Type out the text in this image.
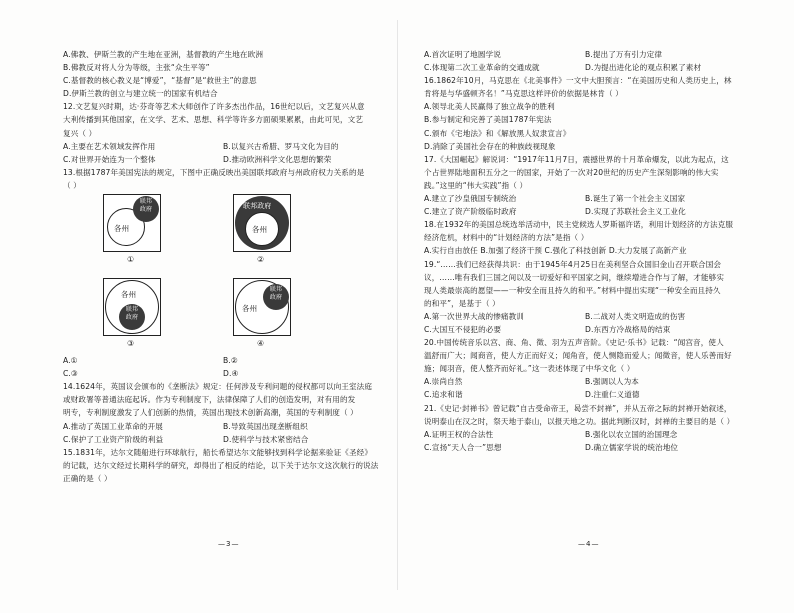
A.佛教、伊斯兰教的产生地在亚洲，基督教的产生地在欧洲
B.佛教反对将人分为等级，主张“众生平等”
C.基督教的核心教义是“博爱”，“基督”是“救世主”的意思
D.伊斯兰教的创立与建立统一的国家有机结合
12.文艺复兴时期，达·芬奇等艺术大师创作了许多杰出作品，16世纪以后，文艺复兴从意
大利传播到其他国家，在文学、艺术、思想、科学等许多方面硕果累累，由此可见，文艺
复兴（ ）
A.主要在艺术领域发挥作用	B.以复兴古希腊、罗马文化为目的
C.对世界开始连为一个整体	D.推动欧洲科学文化思想的繁荣
13.根据1787年美国宪法的规定，下图中正确反映出美国联邦政府与州政府权力关系的是
（ ）
各州
联邦政府
①
联邦政府
各州
②
各州
联邦政府
③
各州
联邦政府
④
A.①	B.②
C.③	D.④
14.1624年，英国议会颁布的《垄断法》规定：任何涉及专利问题的侵权都可以向王室法庭
或财政署等普通法庭起诉。作为专利制度下，法律保障了人们的创造发明，对有用的发
明专，专利制度激发了人们创新的热情，英国出现技术创新高潮，英国的专利制度（ ）
A.推动了英国工业革命的开展	B.导致英国出现垄断组织
C.保护了工业资产阶级的利益	D.使科学与技术紧密结合
15.1831年，达尔文随船进行环球航行，船长希望达尔文能够找到科学论据来验证《圣经》
的记载，达尔文经过长期科学的研究，却得出了相反的结论，以下关于达尔文这次航行的说法
正确的是（ ）
—3—
A.首次证明了地圆学说	B.提出了万有引力定律
C.体现第二次工业革命的交通成就	D.为提出进化论的观点积累了素材
16.1862年10月，马克思在《北美事件》一文中大胆预言：“在美国历史和人类历史上，林
肯将是与华盛顿齐名！”马克思这样评价的依据是林肯（ ）
A.领导北美人民赢得了独立战争的胜利
B.参与制定和完善了美国1787年宪法
C.颁布《宅地法》和《解放黑人奴隶宣言》
D.消除了美国社会存在的种族歧视现象
17.《大国崛起》解说词：“1917年11月7日，震撼世界的十月革命爆发，以此为起点，这
个占世界陆地面积五分之一的国家，开始了一次对20世纪的历史产生深刻影响的伟大实
践。”这里的“伟大实践”指（ ）
A.建立了沙皇俄国专制统治	B.诞生了第一个社会主义国家
C.建立了资产阶级临时政府	D.实现了苏联社会主义工业化
18.在1932年的美国总统选举活动中，民主党候选人罗斯福许诺，利用计划经济的方法克服
经济危机，材料中的“计划经济的方法”是指（ ）
A.实行自由放任 B.加强了经济干预 C.强化了科技创新 D.大力发展了高新产业
19.“……我们已经获得共识：由于1945年4月25日在美利坚合众国旧金山召开联合国会
议，……唯有我们三国之间以及一切爱好和平国家之间，继续增进合作与了解，才能够实
现人类最崇高的愿望——一种安全而且持久的和平。”材料中提出实现“一种安全而且持久
的和平”，是基于（ ）
A.第一次世界大战的惨痛教训	B.二战对人类文明造成的伤害
C.大国互不侵犯的必要	D.东西方冷战格局的结束
20.中国传统音乐以宫、商、角、徵、羽为五声音阶。《史记·乐书》记载：“闻宫音，使人
温舒而广大；闻商音，使人方正而好义；闻角音，使人恻隐而爱人；闻徵音，使人乐善而好
施；闻羽音，使人整齐而好礼。”这一表述体现了中华文化（ ）
A.崇尚自然	B.强调以人为本
C.追求和谐	D.注重仁义道德
21.《史记·封禅书》曾记载“自古受命帝王，曷尝不封禅”，并从五帝之际的封禅开始叙述，
说明泰山在汉之时，祭天地于泰山，以报天地之功。据此判断汉时，封禅的主要目的是（ ）
A.证明王权的合法性	B.强化以农立国的治国理念
C.宣扬“天人合一”思想	D.确立儒家学说的统治地位
—4—
